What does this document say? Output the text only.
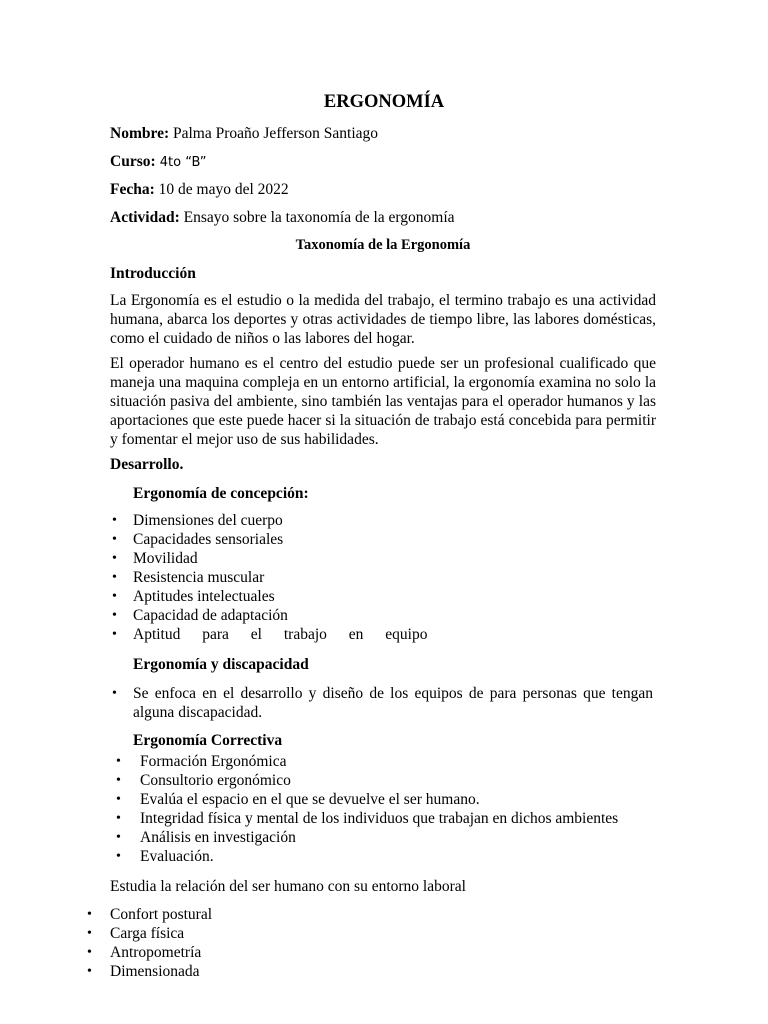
ERGONOMÍA
Nombre: Palma Proaño Jefferson Santiago
Curso: 4to “B”
Fecha: 10 de mayo del 2022
Actividad: Ensayo sobre la taxonomía de la ergonomía
Taxonomía de la Ergonomía
Introducción
La Ergonomía es el estudio o la medida del trabajo, el termino trabajo es una actividad humana, abarca los deportes y otras actividades de tiempo libre, las labores domésticas, como el cuidado de niños o las labores del hogar.
El operador humano es el centro del estudio puede ser un profesional cualificado que maneja una maquina compleja en un entorno artificial, la ergonomía examina no solo la situación pasiva del ambiente, sino también las ventajas para el operador humanos y las aportaciones que este puede hacer si la situación de trabajo está concebida para permitir y fomentar el mejor uso de sus habilidades.
Desarrollo.
Ergonomía de concepción:
• Dimensiones del cuerpo
• Capacidades sensoriales
• Movilidad
• Resistencia muscular
• Aptitudes intelectuales
• Capacidad de adaptación
• Aptitud para el trabajo en equipo
Ergonomía y discapacidad
• Se enfoca en el desarrollo y diseño de los equipos de para personas que tengan alguna discapacidad.
Ergonomía Correctiva
• Formación Ergonómica
• Consultorio ergonómico
• Evalúa el espacio en el que se devuelve el ser humano.
• Integridad física y mental de los individuos que trabajan en dichos ambientes
• Análisis en investigación
• Evaluación.
Estudia la relación del ser humano con su entorno laboral
• Confort postural
• Carga física
• Antropometría
• Dimensionada
